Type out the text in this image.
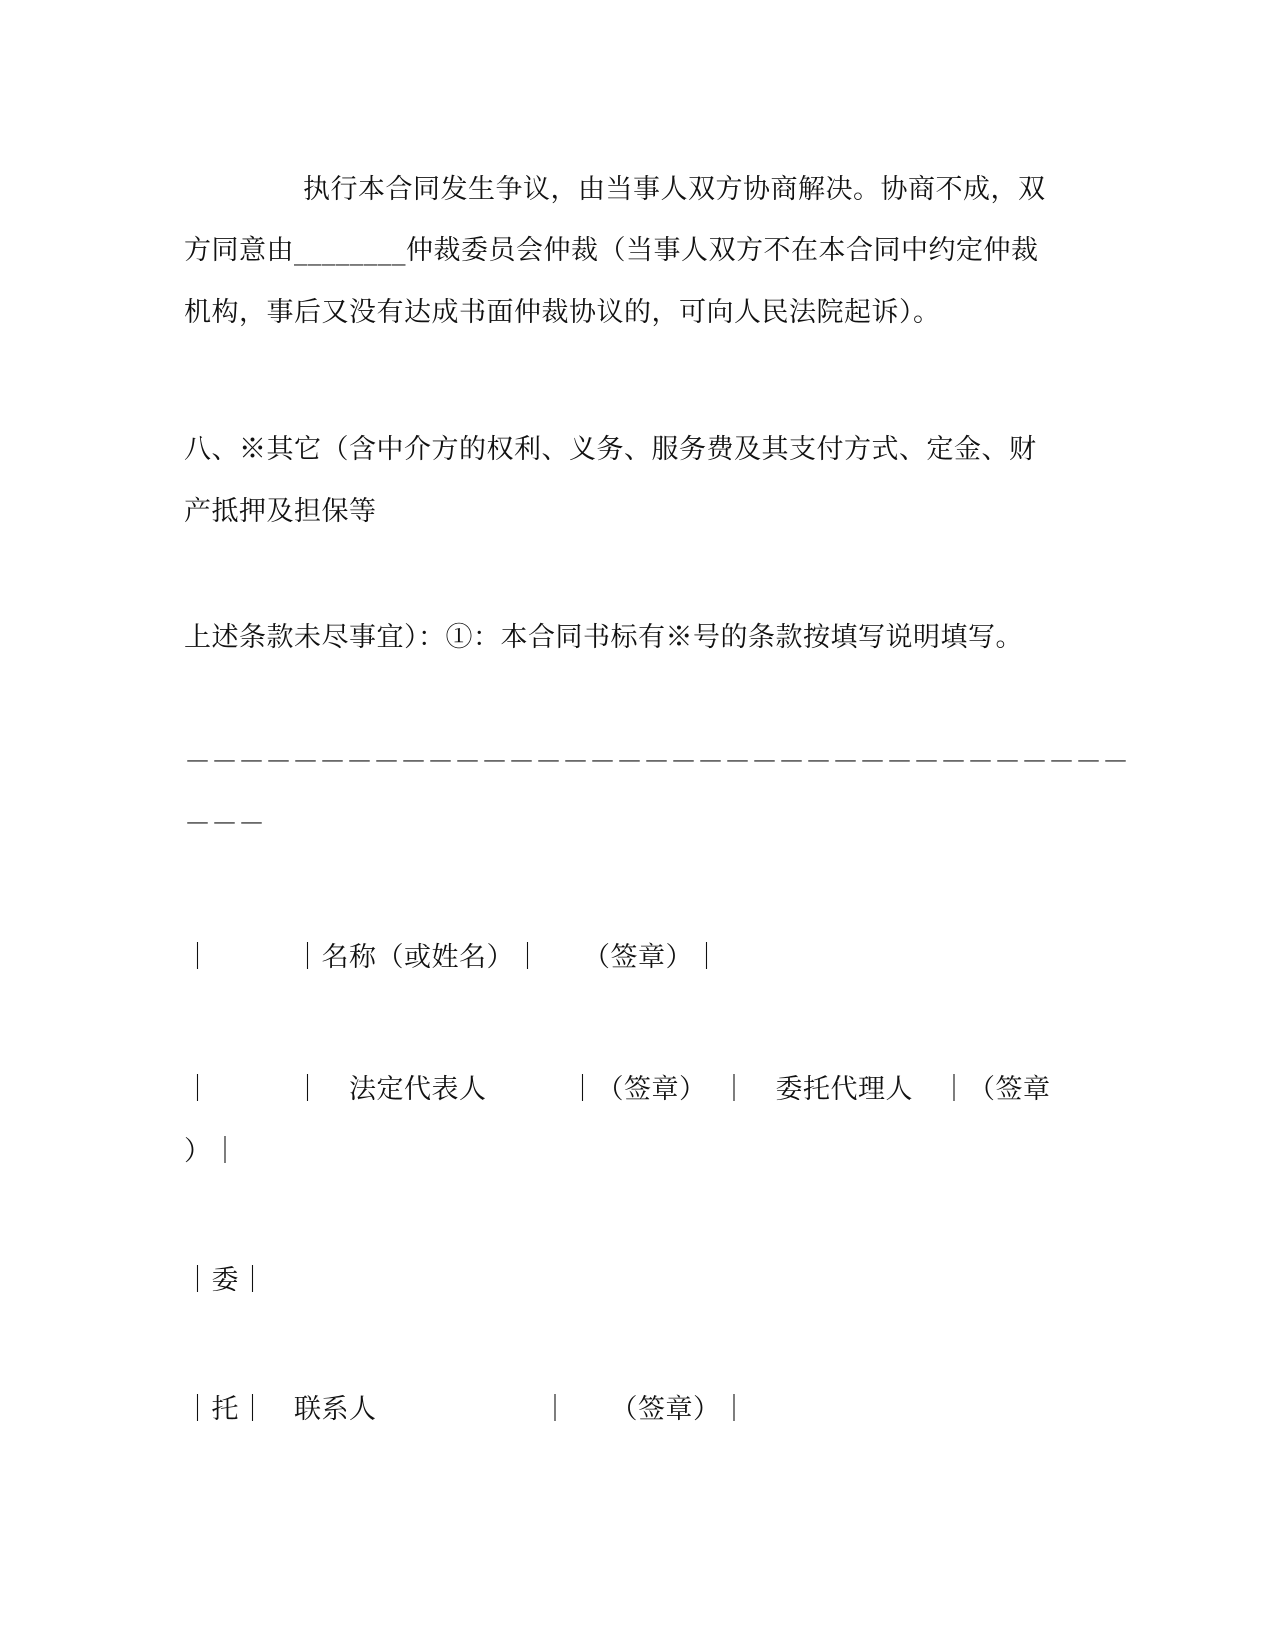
执行本合同发生争议，由当事人双方协商解决。协商不成，双
方同意由________仲裁委员会仲裁（当事人双方不在本合同中约定仲裁
机构，事后又没有达成书面仲裁协议的，可向人民法院起诉）。
八、※其它（含中介方的权利、义务、服务费及其支付方式、定金、财
产抵押及担保等
上述条款未尽事宜）：①：本合同书标有※号的条款按填写说明填写。
－－－－－－－－－－－－－－－－－－－－－－－－－－－－－－－－－－－
－－－
｜　　　｜名称（或姓名）｜　　（签章）｜
｜　　　｜　法定代表人　　　｜（签章）　｜　委托代理人　｜（签章
）｜
｜委｜
｜托｜　联系人　　　　　　｜　　（签章）｜
